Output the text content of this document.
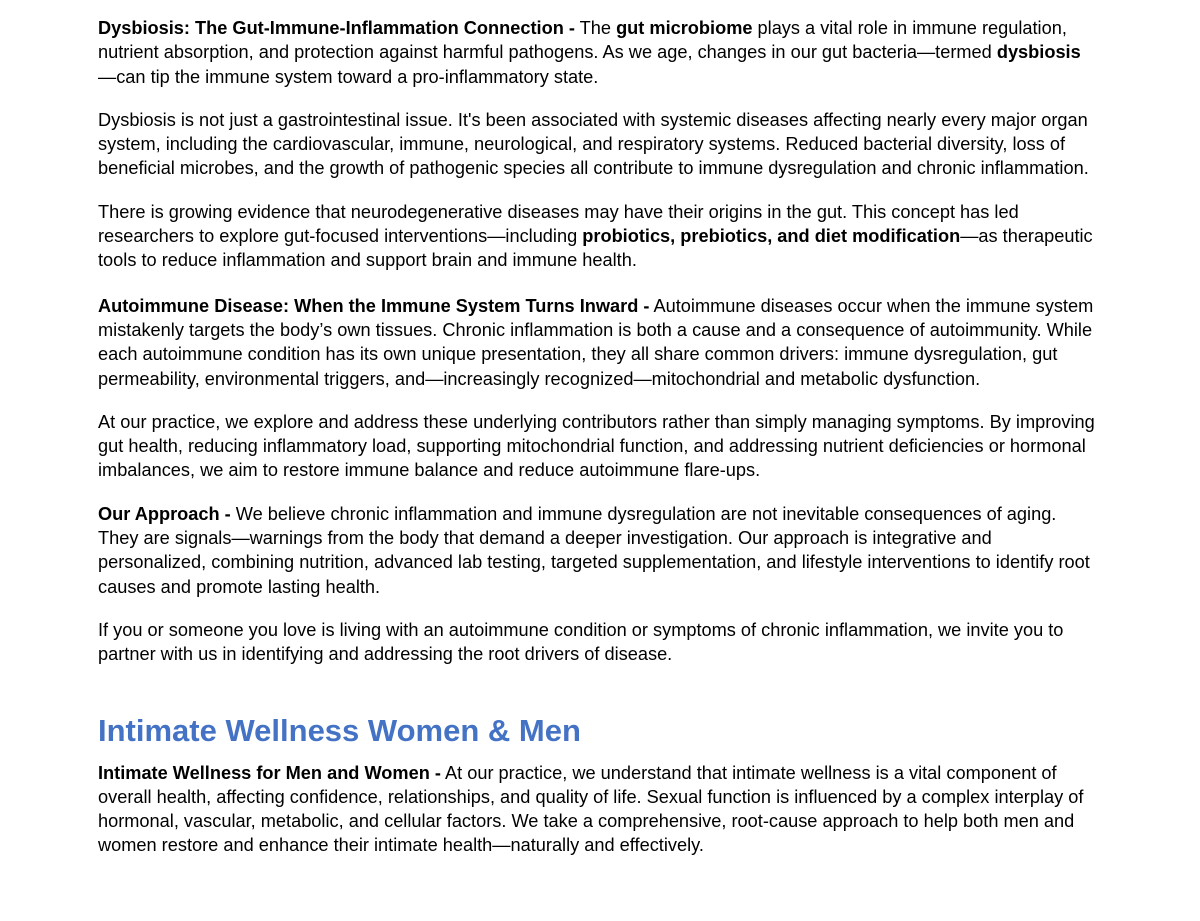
Dysbiosis: The Gut-Immune-Inflammation Connection - The gut microbiome plays a vital role in immune regulation, nutrient absorption, and protection against harmful pathogens. As we age, changes in our gut bacteria—termed dysbiosis—can tip the immune system toward a pro-inflammatory state.

Dysbiosis is not just a gastrointestinal issue. It's been associated with systemic diseases affecting nearly every major organ system, including the cardiovascular, immune, neurological, and respiratory systems. Reduced bacterial diversity, loss of beneficial microbes, and the growth of pathogenic species all contribute to immune dysregulation and chronic inflammation.

There is growing evidence that neurodegenerative diseases may have their origins in the gut. This concept has led researchers to explore gut-focused interventions—including probiotics, prebiotics, and diet modification—as therapeutic tools to reduce inflammation and support brain and immune health.

Autoimmune Disease: When the Immune System Turns Inward - Autoimmune diseases occur when the immune system mistakenly targets the body’s own tissues. Chronic inflammation is both a cause and a consequence of autoimmunity. While each autoimmune condition has its own unique presentation, they all share common drivers: immune dysregulation, gut permeability, environmental triggers, and—increasingly recognized—mitochondrial and metabolic dysfunction.

At our practice, we explore and address these underlying contributors rather than simply managing symptoms. By improving gut health, reducing inflammatory load, supporting mitochondrial function, and addressing nutrient deficiencies or hormonal imbalances, we aim to restore immune balance and reduce autoimmune flare-ups.

Our Approach - We believe chronic inflammation and immune dysregulation are not inevitable consequences of aging. They are signals—warnings from the body that demand a deeper investigation. Our approach is integrative and personalized, combining nutrition, advanced lab testing, targeted supplementation, and lifestyle interventions to identify root causes and promote lasting health.

If you or someone you love is living with an autoimmune condition or symptoms of chronic inflammation, we invite you to partner with us in identifying and addressing the root drivers of disease.

Intimate Wellness Women & Men

Intimate Wellness for Men and Women - At our practice, we understand that intimate wellness is a vital component of overall health, affecting confidence, relationships, and quality of life. Sexual function is influenced by a complex interplay of hormonal, vascular, metabolic, and cellular factors. We take a comprehensive, root-cause approach to help both men and women restore and enhance their intimate health—naturally and effectively.
